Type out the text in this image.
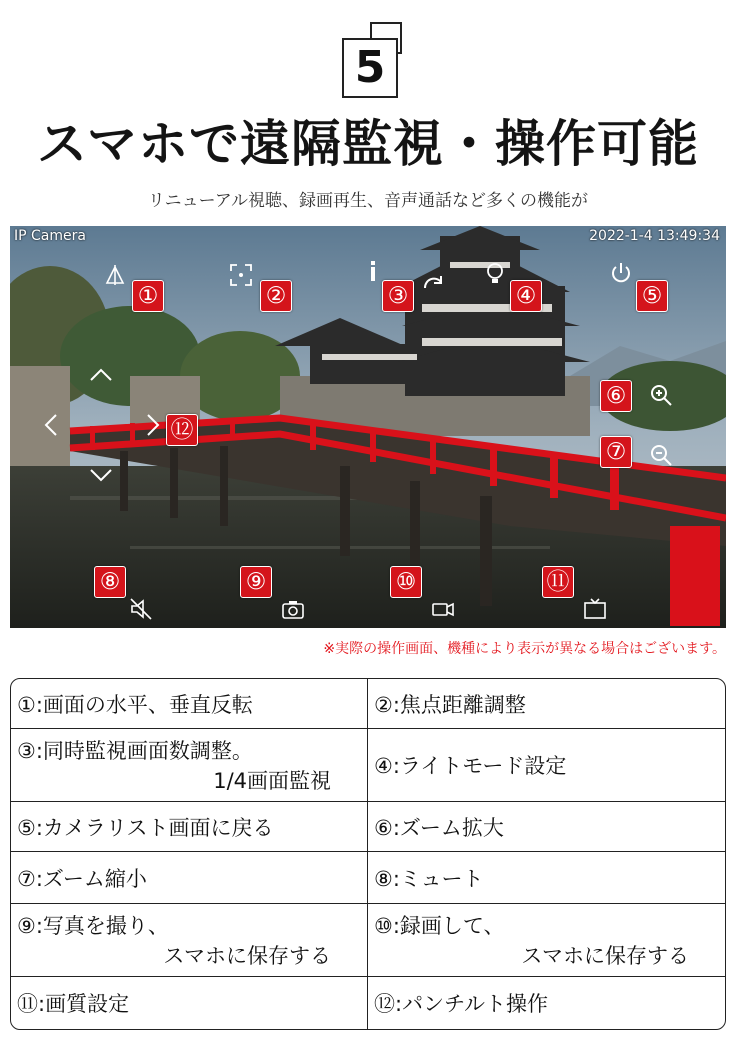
5
スマホで遠隔監視・操作可能
リニューアル視聴、録画再生、音声通話など多くの機能が
IP Camera	2022-1-4 13:49:34
①	②	③	④	⑤
⑥
⑦
⑧	⑨	⑩	⑪
⑫
※実際の操作画面、機種により表示が異なる場合はございます。
①:画面の水平、垂直反転	②:焦点距離調整

③:同時監視画面数調整。
1/4画面監視	④:ライトモード設定

⑤:カメラリスト画面に戻る	⑥:ズーム拡大

⑦:ズーム縮小	⑧:ミュート

⑨:写真を撮り、
スマホに保存する	⑩:録画して、
スマホに保存する

⑪:画質設定	⑫:パンチルト操作
